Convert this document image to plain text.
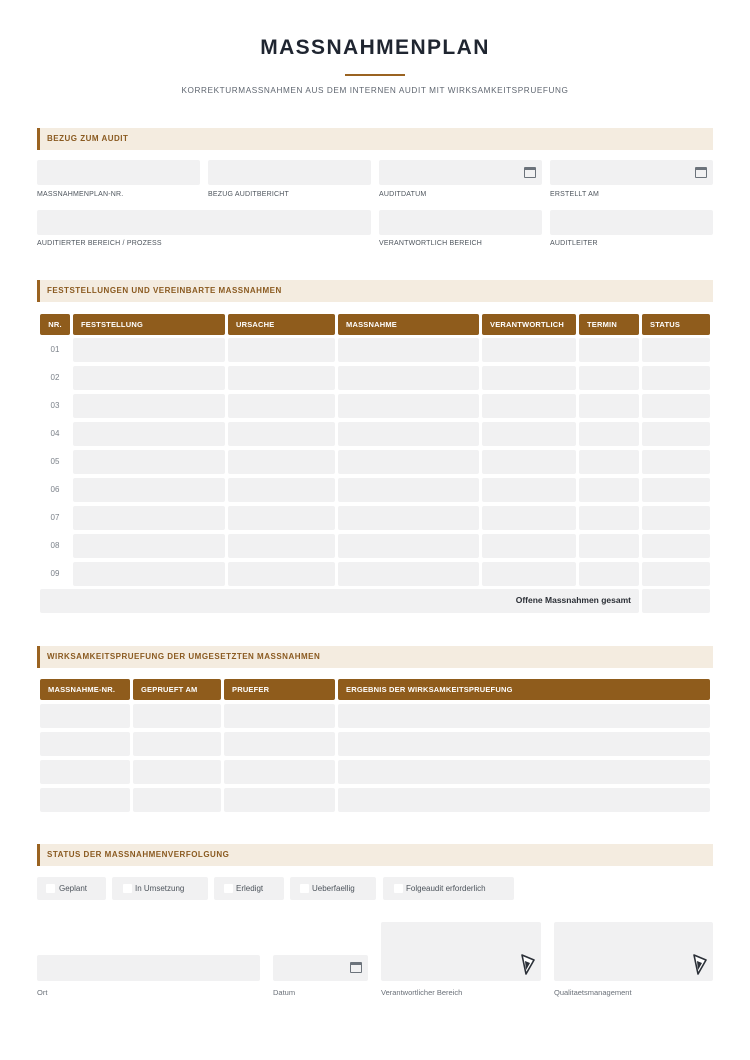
MASSNAHMENPLAN
KORREKTURMASSNAHMEN AUS DEM INTERNEN AUDIT MIT WIRKSAMKEITSPRUEFUNG
BEZUG ZUM AUDIT
MASSNAHMENPLAN-NR.	BEZUG AUDITBERICHT	AUDITDATUM	ERSTELLT AM
AUDITIERTER BEREICH / PROZESS	VERANTWORTLICH BEREICH	AUDITLEITER
FESTSTELLUNGEN UND VEREINBARTE MASSNAHMEN
NR.	FESTSTELLUNG	URSACHE	MASSNAHME	VERANTWORTLICH	TERMIN	STATUS
01
02
03
04
05
06
07
08
09
Offene Massnahmen gesamt
WIRKSAMKEITSPRUEFUNG DER UMGESETZTEN MASSNAHMEN
MASSNAHME-NR.	GEPRUEFT AM	PRUEFER	ERGEBNIS DER WIRKSAMKEITSPRUEFUNG
STATUS DER MASSNAHMENVERFOLGUNG
Geplant	In Umsetzung	Erledigt	Ueberfaellig	Folgeaudit erforderlich
Ort	Datum	Verantwortlicher Bereich	Qualitaetsmanagement
